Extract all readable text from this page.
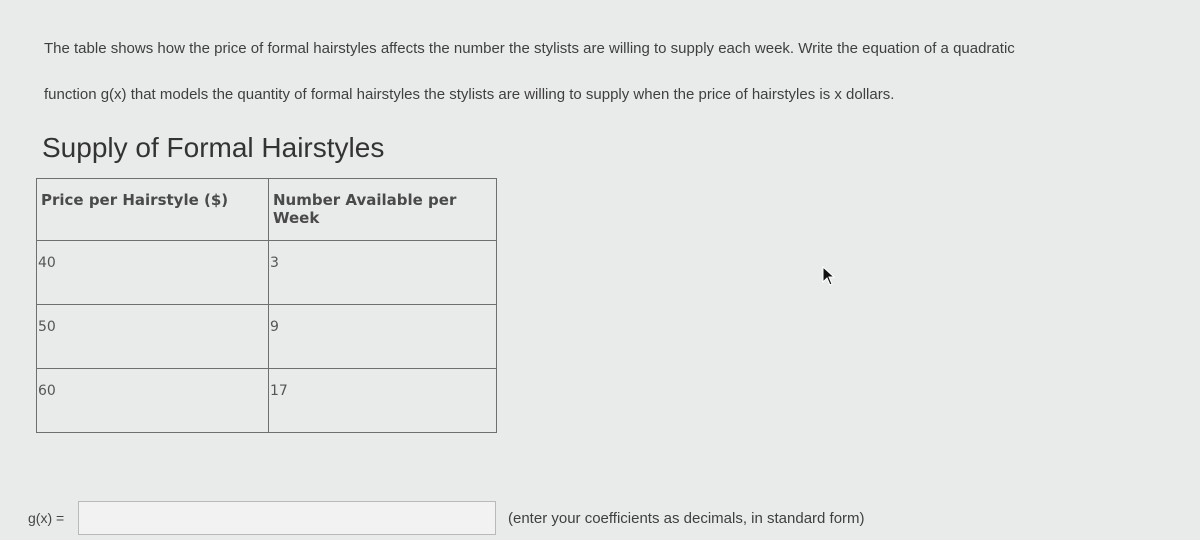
The table shows how the price of formal hairstyles affects the number the stylists are willing to supply each week. Write the equation of a quadratic

function g(x) that models the quantity of formal hairstyles the stylists are willing to supply when the price of hairstyles is x dollars.

Supply of Formal Hairstyles
Price per Hairstyle ($)	Number Available per Week
40	3
50	9
60	17
g(x) =	(enter your coefficients as decimals, in standard form)
